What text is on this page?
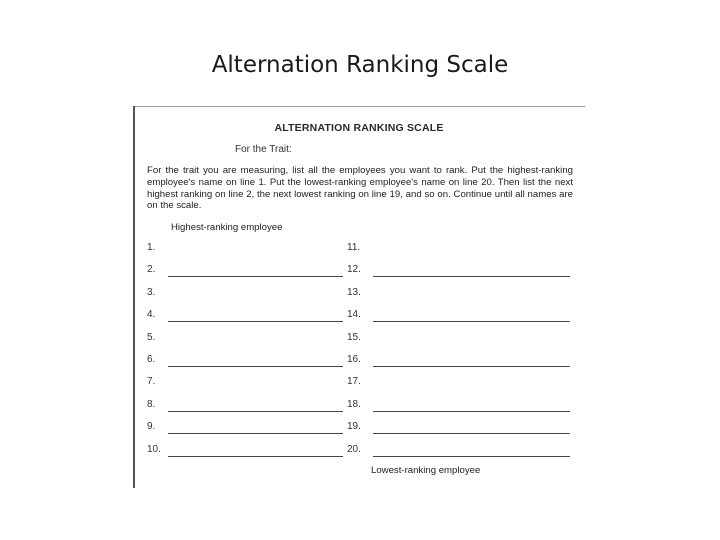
Alternation Ranking Scale
ALTERNATION RANKING SCALE
For the Trait:
For the trait you are measuring, list all the employees you want to rank. Put the highest-ranking employee's name on line 1. Put the lowest-ranking employee's name on line 20. Then list the next highest ranking on line 2, the next lowest ranking on line 19, and so on. Continue until all names are on the scale.
Highest-ranking employee
1.
2.
3.
4.
5.
6.
7.
8.
9.
10.
11.
12.
13.
14.
15.
16.
17.
18.
19.
20.
Lowest-ranking employee
